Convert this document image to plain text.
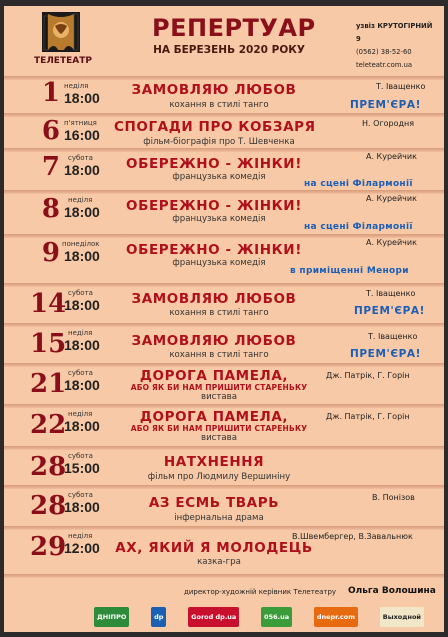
ТЕЛЕТЕАТР
РЕПЕРТУАР
НА БЕРЕЗЕНЬ 2020 РОКУ
узвіз КРУТОГІРНИЙ 9
(0562) 38-52-60
teleteatr.com.ua
1 неділя
18:00	ЗАМОВЛЯЮ ЛЮБОВ
кохання в стилі танго
Т. Іващенко
ПРЕМ'ЄРА!
6 п'ятниця
16:00 СПОГАДИ ПРО КОБЗАРЯ
фільм-біографія про Т. Шевченка
Н. Огородня
7 субота
18:00	ОБЕРЕЖНО - ЖІНКИ!
французька комедія
А. Курейчик
на сцені Філармонії
8 неділя
18:00	ОБЕРЕЖНО - ЖІНКИ!
французька комедія
А. Курейчик
на сцені Філармонії
9 понеділок
18:00	ОБЕРЕЖНО - ЖІНКИ!
французька комедія
А. Курейчик
в приміщенні Менори
14 субота
18:00	ЗАМОВЛЯЮ ЛЮБОВ
кохання в стилі танго
Т. Іващенко
ПРЕМ'ЄРА!
15 неділя
18:00	ЗАМОВЛЯЮ ЛЮБОВ
кохання в стилі танго
Т. Іващенко
ПРЕМ'ЄРА!
21 субота
18:00
ДОРОГА ПАМЕЛА,
АБО ЯК БИ НАМ ПРИШИТИ СТАРЕНЬКУ
вистава
Дж. Патрік, Г. Горін
22 неділя
18:00
ДОРОГА ПАМЕЛА,
АБО ЯК БИ НАМ ПРИШИТИ СТАРЕНЬКУ
вистава
Дж. Патрік, Г. Горін
28 субота
15:00	НАТХНЕННЯ
фільм про Людмилу Вершиніну
28 субота
18:00	АЗ ЕСМЬ ТВАРЬ
інфернальна драма
В. Понізов
29 неділя
12:00 АХ, ЯКИЙ Я МОЛОДЕЦЬ
казка-гра
В.Швембергер, В.Завальнюк
директор-художній керівник Телетеатру Ольга Волошина
ДНІПРО	dp	Gorod dp.ua	056.ua	dnepr.com	Выходной
